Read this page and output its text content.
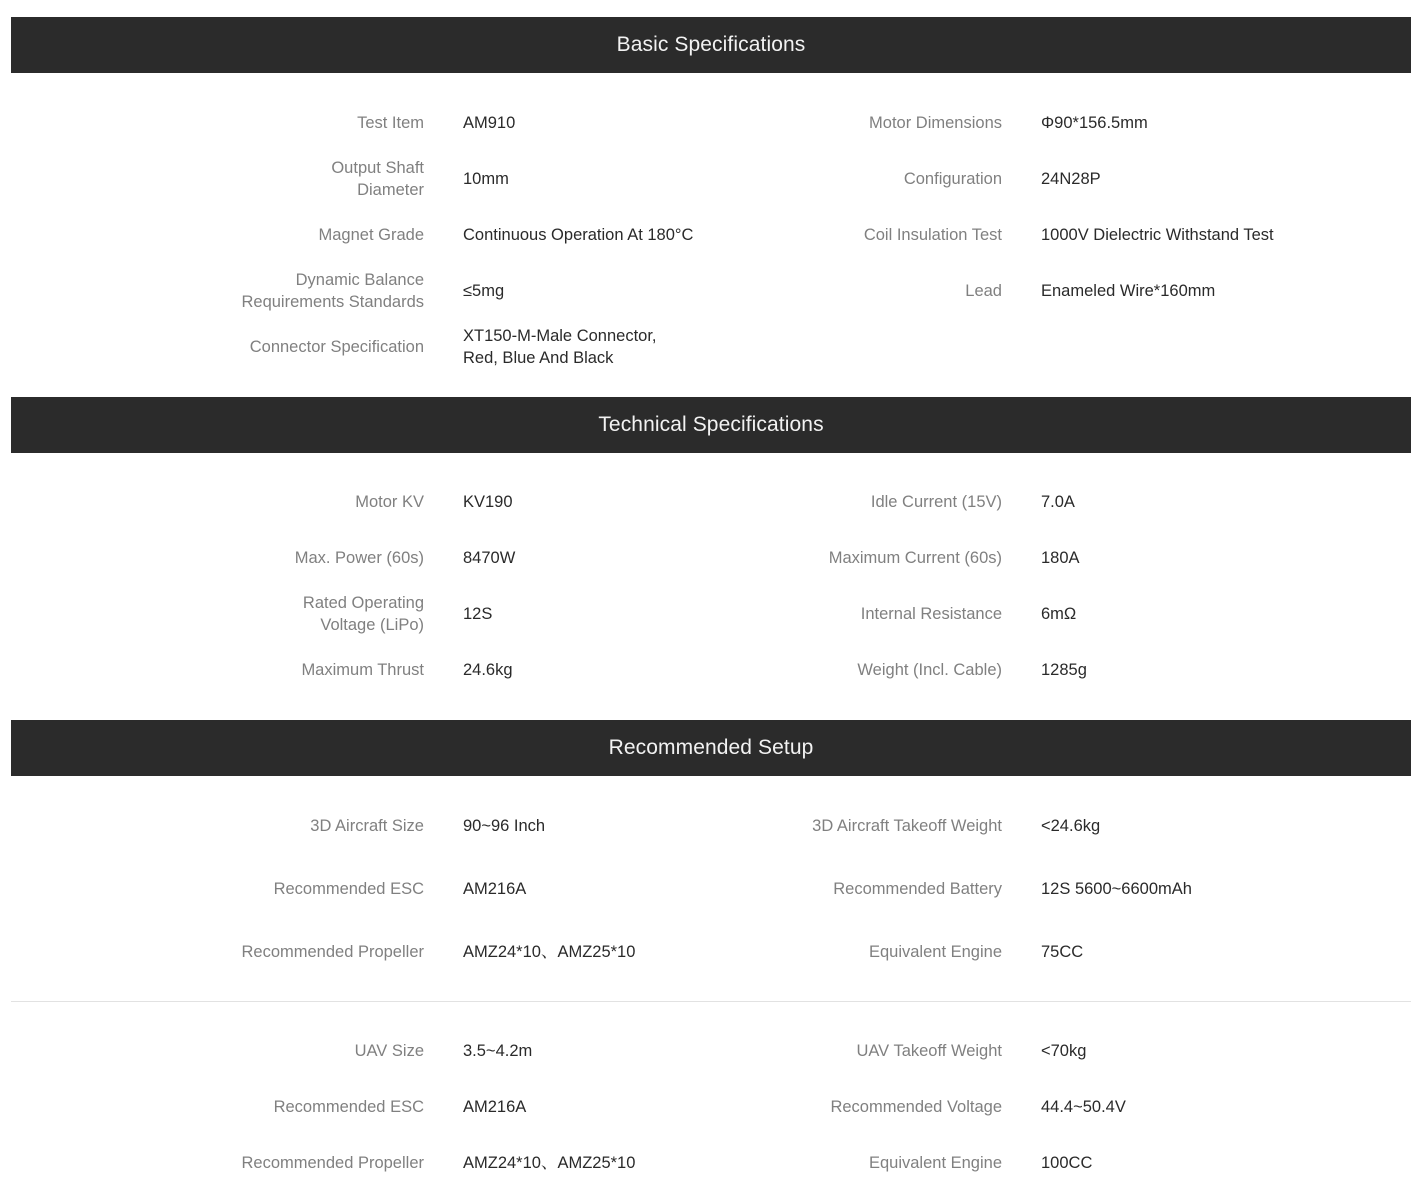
Basic Specifications
Technical Specifications
Recommended Setup
Test Item AM910	Motor Dimensions Φ90*156.5mm
Output Shaft
Diameter
10mm	Configuration 24N28P
Magnet Grade Continuous Operation At 180°C	Coil Insulation Test 1000V Dielectric Withstand Test
Dynamic Balance
Requirements Standards
≤5mg	Lead Enameled Wire*160mm
Connector Specification
XT150-M-Male Connector,
Red, Blue And Black
Motor KV KV190	Idle Current (15V) 7.0A
Max. Power (60s) 8470W	Maximum Current (60s) 180A
Rated Operating
Voltage (LiPo)
12S	Internal Resistance 6mΩ
Maximum Thrust 24.6kg	Weight (Incl. Cable) 1285g
3D Aircraft Size 90~96 Inch	3D Aircraft Takeoff Weight <24.6kg
Recommended ESC AM216A	Recommended Battery 12S 5600~6600mAh
Recommended Propeller AMZ24*10、AMZ25*10	Equivalent Engine 75CC
UAV Size 3.5~4.2m	UAV Takeoff Weight <70kg
Recommended ESC AM216A	Recommended Voltage 44.4~50.4V
Recommended Propeller AMZ24*10、AMZ25*10	Equivalent Engine 100CC
